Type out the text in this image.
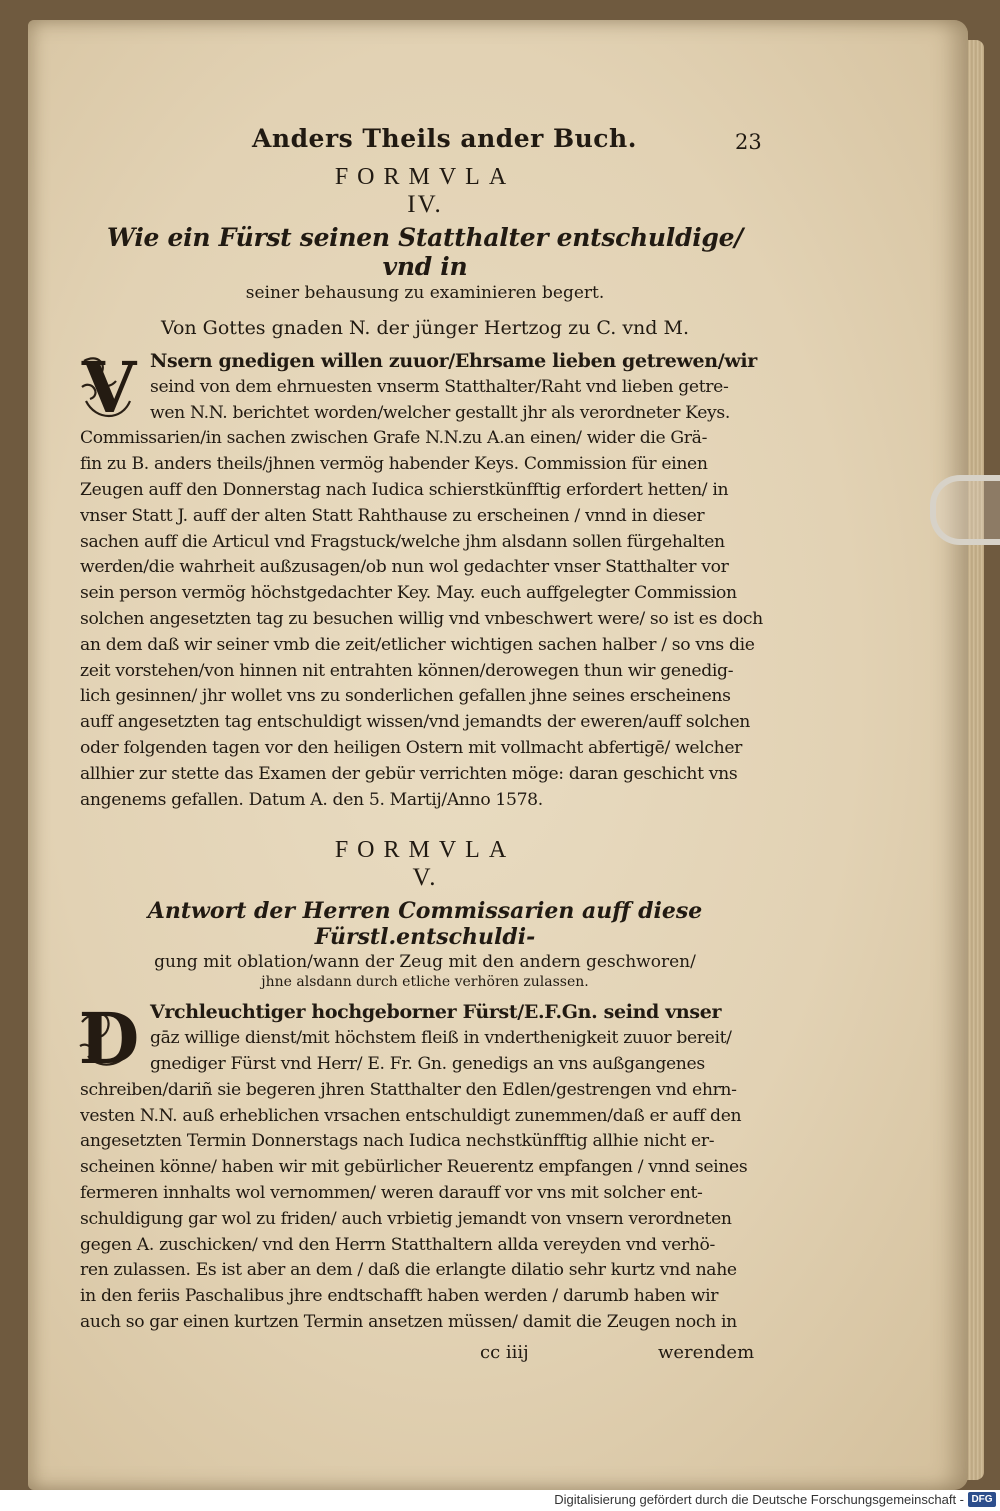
Anders Theils ander Buch.	23
FORMVLA
IV.
Wie ein Fürst seinen Statthalter entschuldige/ vnd in
seiner behausung zu examinieren begert.
Von Gottes gnaden N. der jünger Hertzog zu C. vnd M.
V Nsern gnedigen willen zuuor/Ehrsame lieben getrewen/wir
seind von dem ehrnuesten vnserm Statthalter/Raht vnd lieben getre-
wen N.N. berichtet worden/welcher gestallt jhr als verordneter Keys.
Commissarien/in sachen zwischen Grafe N.N.zu A.an einen/ wider die Grä-
fin zu B. anders theils/jhnen vermög habender Keys. Commission für einen
Zeugen auff den Donnerstag nach Iudica schierstkünfftig erfordert hetten/ in
vnser Statt J. auff der alten Statt Rahthause zu erscheinen / vnnd in dieser
sachen auff die Articul vnd Fragstuck/welche jhm alsdann sollen fürgehalten
werden/die wahrheit außzusagen/ob nun wol gedachter vnser Statthalter vor
sein person vermög höchstgedachter Key. May. euch auffgelegter Commission
solchen angesetzten tag zu besuchen willig vnd vnbeschwert were/ so ist es doch
an dem daß wir seiner vmb die zeit/etlicher wichtigen sachen halber / so vns die
zeit vorstehen/von hinnen nit entrahten können/derowegen thun wir genedig-
lich gesinnen/ jhr wollet vns zu sonderlichen gefallen jhne seines erscheinens
auff angesetzten tag entschuldigt wissen/vnd jemandts der eweren/auff solchen
oder folgenden tagen vor den heiligen Ostern mit vollmacht abfertigē/ welcher
allhier zur stette das Examen der gebür verrichten möge: daran geschicht vns
angenems gefallen. Datum A. den 5. Martij/Anno 1578.
FORMVLA
V.
Antwort der Herren Commissarien auff diese Fürstl.entschuldi-
gung mit oblation/wann der Zeug mit den andern geschworen/
jhne alsdann durch etliche verhören zulassen.
D Vrchleuchtiger hochgeborner Fürst/E.F.Gn. seind vnser
gāz willige dienst/mit höchstem fleiß in vnderthenigkeit zuuor bereit/
gnediger Fürst vnd Herr/ E. Fr. Gn. genedigs an vns außgangenes
schreiben/dariñ sie begeren jhren Statthalter den Edlen/gestrengen vnd ehrn-
vesten N.N. auß erheblichen vrsachen entschuldigt zunemmen/daß er auff den
angesetzten Termin Donnerstags nach Iudica nechstkünfftig allhie nicht er-
scheinen könne/ haben wir mit gebürlicher Reuerentz empfangen / vnnd seines
fermeren innhalts wol vernommen/ weren darauff vor vns mit solcher ent-
schuldigung gar wol zu friden/ auch vrbietig jemandt von vnsern verordneten
gegen A. zuschicken/ vnd den Herrn Statthaltern allda vereyden vnd verhö-
ren zulassen. Es ist aber an dem / daß die erlangte dilatio sehr kurtz vnd nahe
in den feriis Paschalibus jhre endtschafft haben werden / darumb haben wir
auch so gar einen kurtzen Termin ansetzen müssen/ damit die Zeugen noch in
cc iiij	werendem
Digitalisierung gefördert durch die Deutsche Forschungsgemeinschaft - DFG
